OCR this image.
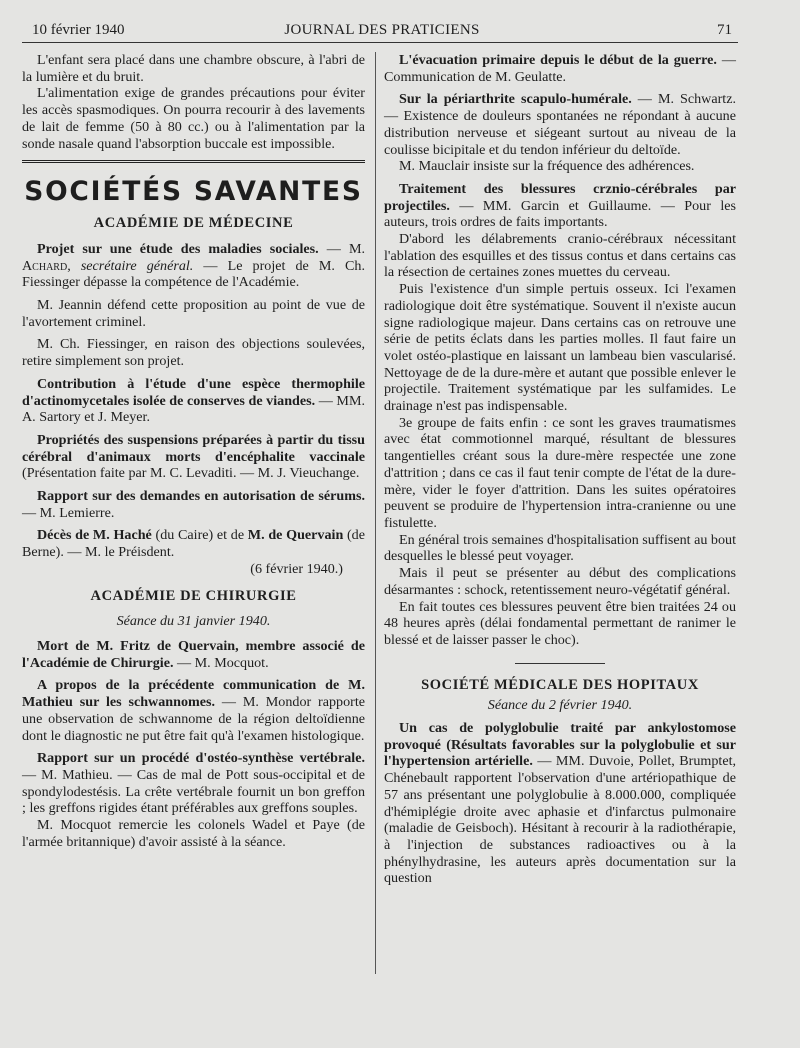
10 février 1940	JOURNAL DES PRATICIENS	71

L'enfant sera placé dans une chambre obscure, à l'abri de la lumière et du bruit.

L'alimentation exige de grandes précautions pour éviter les accès spasmodiques. On pourra recourir à des lavements de lait de femme (50 à 80 cc.) ou à l'alimentation par la sonde nasale quand l'absorption buccale est impossible.

SOCIÉTÉS SAVANTES
ACADÉMIE DE MÉDECINE

Projet sur une étude des maladies sociales. — M. Achard, secrétaire général. — Le projet de M. Ch. Fiessinger dépasse la compétence de l'Académie.

M. Jeannin défend cette proposition au point de vue de l'avortement criminel.

M. Ch. Fiessinger, en raison des objections soulevées, retire simplement son projet.

Contribution à l'étude d'une espèce thermophile d'actinomycetales isolée de conserves de viandes. — MM. A. Sartory et J. Meyer.

Propriétés des suspensions préparées à partir du tissu cérébral d'animaux morts d'encéphalite vaccinale (Présentation faite par M. C. Levaditi. — M. J. Vieuchange.

Rapport sur des demandes en autorisation de sérums. — M. Lemierre.

Décès de M. Haché (du Caire) et de M. de Quervain (de Berne). — M. le Préisdent.

(6 février 1940.)

ACADÉMIE DE CHIRURGIE
Séance du 31 janvier 1940.

Mort de M. Fritz de Quervain, membre associé de l'Académie de Chirurgie. — M. Mocquot.

A propos de la précédente communication de M. Mathieu sur les schwannomes. — M. Mondor rapporte une observation de schwannome de la région deltoïdienne dont le diagnostic ne put être fait qu'à l'examen histologique.

Rapport sur un procédé d'ostéo-synthèse vertébrale. — M. Mathieu. — Cas de mal de Pott sous-occipital et de spondylodestésis. La crête vertébrale fournit un bon greffon ; les greffons rigides étant préférables aux greffons souples.

M. Mocquot remercie les colonels Wadel et Paye (de l'armée britannique) d'avoir assisté à la séance.

L'évacuation primaire depuis le début de la guerre. — Communication de M. Geulatte.

Sur la périarthrite scapulo-humérale. — M. Schwartz. — Existence de douleurs spontanées ne répondant à aucune distribution nerveuse et siégeant surtout au niveau de la coulisse bicipitale et du tendon inférieur du deltoïde.

M. Mauclair insiste sur la fréquence des adhérences.

Traitement des blessures crznio-cérébrales par projectiles. — MM. Garcin et Guillaume. — Pour les auteurs, trois ordres de faits importants.

D'abord les délabrements cranio-cérébraux nécessitant l'ablation des esquilles et des tissus contus et dans certains cas la résection de certaines zones muettes du cerveau.

Puis l'existence d'un simple pertuis osseux. Ici l'examen radiologique doit être systématique. Souvent il n'existe aucun signe radiologique majeur. Dans certains cas on retrouve une série de petits éclats dans les parties molles. Il faut faire un volet ostéo-plastique en laissant un lambeau bien vascularisé. Nettoyage de de la dure-mère et autant que possible enlever le projectile. Traitement systématique par les sulfamides. Le drainage n'est pas indispensable.

3e groupe de faits enfin : ce sont les graves traumatismes avec état commotionnel marqué, résultant de blessures tangentielles créant sous la dure-mère respectée une zone d'attrition ; dans ce cas il faut tenir compte de l'état de la dure-mère, vider le foyer d'attrition. Dans les suites opératoires peuvent se produire de l'hypertension intra-cranienne ou une fistulette.

En général trois semaines d'hospitalisation suffisent au bout desquelles le blessé peut voyager.

Mais il peut se présenter au début des complications désarmantes : schock, retentissement neuro-végétatif général.

En fait toutes ces blessures peuvent être bien traitées 24 ou 48 heures après (délai fondamental permettant de ranimer le blessé et de laisser passer le choc).

SOCIÉTÉ MÉDICALE DES HOPITAUX
Séance du 2 février 1940.

Un cas de polyglobulie traité par ankylostomose provoqué (Résultats favorables sur la polyglobulie et sur l'hypertension artérielle. — MM. Duvoie, Pollet, Brumptet, Chénebault rapportent l'observation d'une artériopathique de 57 ans présentant une polyglobulie à 8.000.000, compliquée d'hémiplégie droite avec aphasie et d'infarctus pulmonaire (maladie de Geisboch). Hésitant à recourir à la radiothérapie, à l'injection de substances radioactives ou à la phénylhydrasine, les auteurs après documentation sur la question
